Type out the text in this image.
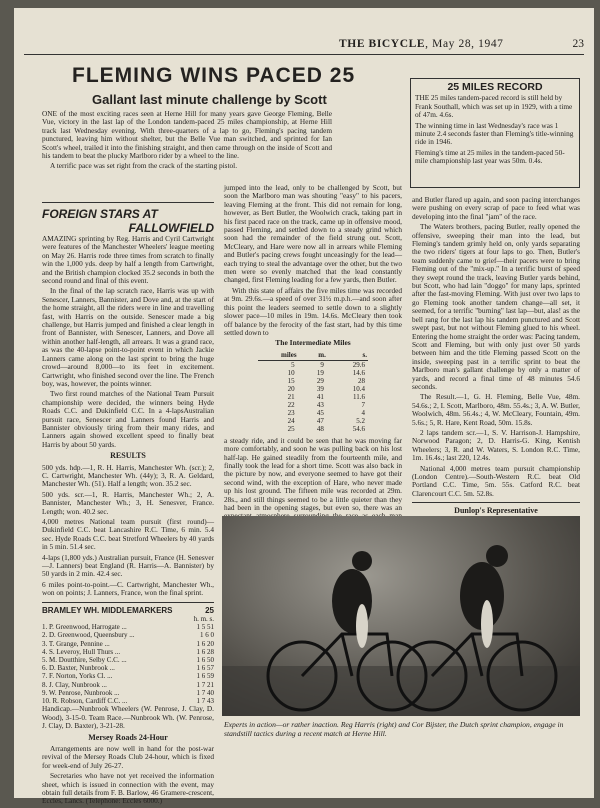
THE BICYCLE, May 28, 1947	23
FLEMING WINS PACED 25
Gallant last minute challenge by Scott

ONE of the most exciting races seen at Herne Hill for many years gave George Fleming, Belle Vue, victory in the last lap of the London tandem-paced 25 miles championship, at Herne Hill track last Wednesday evening. With three-quarters of a lap to go, Fleming's pacing tandem punctured, leaving him without shelter, but the Belle Vue man switched, and sprinted for Ian Scott's wheel, trailed it into the finishing straight, and then came through on the inside of Scott and his tandem to beat the plucky Marlboro rider by a wheel to the line.

A terrific pace was set right from the crack of the starting pistol.

25 MILES RECORD

THE 25 miles tandem-paced record is still held by Frank Southall, which was set up in 1929, with a time of 47m. 4.6s.

The winning time in last Wednesday's race was 1 minute 2.4 seconds faster than Fleming's title-winning ride in 1946.

Fleming's time at 25 miles in the tandem-paced 50-mile championship last year was 50m. 0.4s.

FOREIGN STARS AT
FALLOWFIELD

AMAZING sprinting by Reg. Harris and Cyril Cartwright were features of the Manchester Wheelers' league meeting on May 26. Harris rode three times from scratch to finally win the 1,000 yds. deep by half a length from Cartwright, and the British champion clocked 35.2 seconds in both the second round and final of this event.

In the final of the lap scratch race, Harris was up with Senescer, Lanners, Bannister, and Dove and, at the start of the home straight, all the riders were in line and travelling fast, with Harris on the outside. Senescer made a big challenge, but Harris jumped and finished a clear length in front of Bannister, with Senescer, Lanners, and Dove all within another half-length, all arrears. It was a grand race, as was the 40-lapse point-to-point event in which Jackie Lanners came along on the last sprint to bring the huge crowd—around 8,000—to its feet in excitement. Cartwright, who finished second over the line. The French boy, was, however, the points winner.

Two first round matches of the National Team Pursuit championship were decided, the winners being Hyde Roads C.C. and Dukinfield C.C. In a 4-lapsAustralian pursuit race, Senescer and Lanners found Harris and Bannister obviously tiring from their many rides, and Lanners again showed excellent speed to finally beat Harris by about 50 yards.

RESULTS

500 yds. hdp.—1, R. H. Harris, Manchester Wh. (scr.); 2, C. Cartwright, Manchester Wh. (44y); 3, R. A. Geldard, Manchester Wh. (51). Half a length; won. 35.2 sec.

500 yds. scr.—1, R. Harris, Manchester Wh.; 2, A. Bannister, Manchester Wh.; 3, H. Senesver, France. Length; won. 40.2 sec.

4,000 metres National team pursuit (first round)—Dukinfield C.C. beat Lancashire R.C. Time, 6 min. 5.4 sec. Hyde Roads C.C. beat Stretford Wheelers by 40 yards in 5 min. 51.4 sec.

4-laps (1,800 yds.) Australian pursuit, France (H. Senesver—J. Lanners) beat England (R. Harris—A. Bannister) by 50 yards in 2 min. 42.4 sec.

6 miles point-to-point.—C. Cartwright, Manchester Wh., won on points; J. Lanners, France, won the final sprint.

BRAMLEY WH. MIDDLEMARKERS	25
	h. m. s.
1. P. Greenwood, Harrogate ...	1 5 51
2. D. Greenwood, Queensbury ...	1 6 0
3. T. Grange, Pennine ...	1 6 20
4. S. Leveroy, Hull Thurs ...	1 6 28
5. M. Doutthire, Selby C.C. ...	1 6 50
6. D. Baxter, Nunbrook ...	1 6 57
7. F. Norton, Yorks Cl. ...	1 6 59
8. J. Clay, Nunbrook ...	1 7 21
9. W. Penrose, Nunbrook ...	1 7 40
10. R. Robson, Cardiff C.C. ...	1 7 43

Handicap.—Nunbrook Wheelers (W. Penrose, J. Clay, D. Wood), 3-15-0. Team Race.—Nunbrook Wh. (W. Penrose, J. Clay, D. Baxter), 3-21-28.

Mersey Roads 24-Hour

Arrangements are now well in hand for the post-war revival of the Mersey Roads Club 24-hour, which is fixed for week-end of July 26-27.

Secretaries who have not yet received the information sheet, which is issued in connection with the event, may obtain full details from F. B. Barlow, 46 Gramere-crescent, Eccles, Lancs. (Telephone: Eccles 6000.)

jumped into the lead, only to be challenged by Scott, but soon the Marlboro man was shouting "easy" to his pacers, leaving Fleming at the front. This did not remain for long, however, as Bert Butler, the Woolwich crack, taking part in his first paced race on the track, came up in offensive mood, passed Fleming, and settled down to a steady grind which soon had the remainder of the field strung out. Scott, McCleary, and Hare were now all in arrears while Fleming and Butler's pacing crews fought unceasingly for the lead—each trying to steal the advantage over the other, but the two men were so evenly matched that the lead constantly changed, first Fleming leading for a few yards, then Butler.

With this state of affairs the five miles time was recorded at 9m. 29.6s.—a speed of over 31½ m.p.h.—and soon after this point the leaders seemed to settle down to a slightly slower pace—10 miles in 19m. 14.6s. McCleary then took off balance by the ferocity of the fast start, had by this time settled down to

The Intermediate Miles
miles	m.	s.
5	9	29.6
10	19	14.6
15	29	28
20	39	10.4
21	41	11.6
22	43	7
23	45	4
24	47	5.2
25	48	54.6

a steady ride, and it could be seen that he was moving far more comfortably, and soon he was pulling back on his lost half-lap. He gained steadily from the fourteenth mile, and finally took the lead for a short time. Scott was also back in the picture by now, and everyone seemed to have got their second wind, with the exception of Hare, who never made up his lost ground. The fifteen mile was recorded at 29m. 28s., and still things seemed to be a little quieter than they had been in the opening stages, but even so, there was an

and Butler flared up again, and soon pacing interchanges were pushing on every scrap of pace to feed what was developing into the final "jam" of the race.

The Waters brothers, pacing Butler, really opened the offensive, sweeping their man into the lead, but Fleming's tandem grimly held on, only yards separating the two riders' tigers at four laps to go. Then, Butler's team suddenly came to grief—their pacers were to bring Fleming out of the "mix-up." In a terrific burst of speed they swept round the track, leaving Butler yards behind, but Scott, who had lain "doggo" for many laps, sprinted after the fast-moving Fleming. With just over two laps to go Fleming took another tandem change—all set, it seemed, for a terrific "burning" last lap—but, alas! as the bell rang for the last lap his tandem punctured and Scott swept past, but not without Fleming glued to his wheel. Entering the home straight the order was: Pacing tandem, Scott and Fleming, but with only just over 50 yards between him and the title Fleming passed Scott on the inside, sweeping past in a terrific sprint to beat the Marlboro man's gallant challenge by only a matter of yards, and record a final time of 48 minutes 54.6 seconds.

The Result.—1, G. H. Fleming, Belle Vue, 48m. 54.6s.; 2, I. Scott, Marlboro, 48m. 55.4s.; 3, A. W. Butler, Woolwich, 48m. 56.4s.; 4, W. McCleary, Fountain, 49m. 5.6s.; 5, R. Hare, Kent Road, 50m. 15.8s.

2 laps tandem scr.—1, S. V. Harrison-J. Hampshire, Norwood Paragon; 2, D. Harris-G. King, Kentish Wheelers; 3, R. and W. Waters, S. London R.C. Time, 1m. 16.4s.; last 220, 12.4s.

National 4,000 metres team pursuit championship (London Centre).—South-Western R.C. beat Old Portland C.C. Time, 5m. 55s. Catford R.C. beat Clarencourt C.C. 5m. 52.8s.

Dunlop's Representative

Experts in action—or rather inaction. Reg Harris (right) and Cor Bijster, the Dutch sprint champion, engage in standstill tactics during a recent match at Herne Hill.
